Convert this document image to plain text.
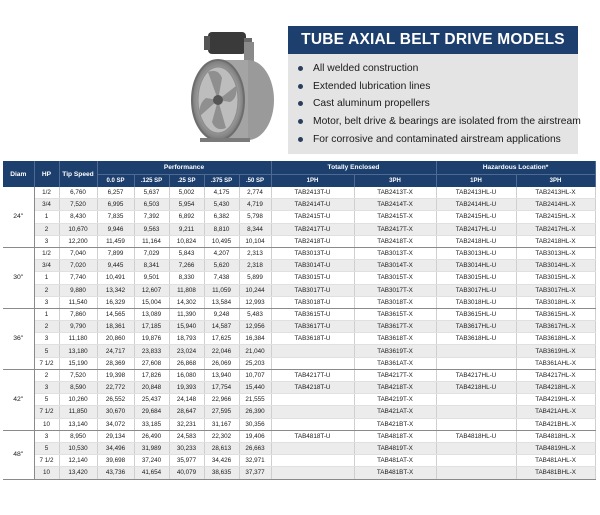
TUBE AXIAL BELT DRIVE MODELS
All welded construction
Extended lubrication lines
Cast aluminum propellers
Motor, belt drive & bearings are isolated from the airstream
For corrosive and contaminated airstream applications
Diam	HP	Tip Speed	Performance					Totally Enclosed		Hazardous Location*	
			0.0 SP	.125 SP	.25 SP	.375 SP	.50 SP	1PH	3PH	1PH	3PH
24"	1/2	6,760	6,257	5,637	5,002	4,175	2,774	TAB2413T-U	TAB2413T-X	TAB2413HL-U	TAB2413HL-X
	3/4	7,520	6,995	6,503	5,954	5,430	4,719	TAB2414T-U	TAB2414T-X	TAB2414HL-U	TAB2414HL-X
	1	8,430	7,835	7,392	6,892	6,382	5,798	TAB2415T-U	TAB2415T-X	TAB2415HL-U	TAB2415HL-X
	2	10,670	9,946	9,563	9,211	8,810	8,344	TAB2417T-U	TAB2417T-X	TAB2417HL-U	TAB2417HL-X
	3	12,200	11,459	11,164	10,824	10,495	10,104	TAB2418T-U	TAB2418T-X	TAB2418HL-U	TAB2418HL-X
30"	1/2	7,040	7,899	7,029	5,843	4,207	2,313	TAB3013T-U	TAB3013T-X	TAB3013HL-U	TAB3013HL-X
	3/4	7,020	9,445	8,341	7,266	5,620	2,318	TAB3014T-U	TAB3014T-X	TAB3014HL-U	TAB3014HL-X
	1	7,740	10,491	9,501	8,330	7,438	5,899	TAB3015T-U	TAB3015T-X	TAB3015HL-U	TAB3015HL-X
	2	9,880	13,342	12,607	11,808	11,059	10,244	TAB3017T-U	TAB3017T-X	TAB3017HL-U	TAB3017HL-X
	3	11,540	16,329	15,004	14,302	13,584	12,993	TAB3018T-U	TAB3018T-X	TAB3018HL-U	TAB3018HL-X
36"	1	7,860	14,565	13,089	11,390	9,248	5,483	TAB3615T-U	TAB3615T-X	TAB3615HL-U	TAB3615HL-X
	2	9,790	18,361	17,185	15,940	14,587	12,956	TAB3617T-U	TAB3617T-X	TAB3617HL-U	TAB3617HL-X
	3	11,180	20,860	19,876	18,793	17,625	16,384	TAB3618T-U	TAB3618T-X	TAB3618HL-U	TAB3618HL-X
	5	13,180	24,717	23,833	23,024	22,046	21,040		TAB3619T-X		TAB3619HL-X
	7 1/2	15,190	28,369	27,608	26,868	26,069	25,203		TAB361AT-X		TAB361AHL-X
42"	2	7,520	19,398	17,826	16,080	13,940	10,707	TAB4217T-U	TAB4217T-X	TAB4217HL-U	TAB4217HL-X
	3	8,590	22,772	20,848	19,393	17,754	15,440	TAB4218T-U	TAB4218T-X	TAB4218HL-U	TAB4218HL-X
	5	10,260	26,552	25,437	24,148	22,966	21,555		TAB4219T-X		TAB4219HL-X
	7 1/2	11,850	30,670	29,684	28,647	27,595	26,390		TAB421AT-X		TAB421AHL-X
	10	13,140	34,072	33,185	32,231	31,167	30,356		TAB421BT-X		TAB421BHL-X
48"	3	8,950	29,134	26,490	24,583	22,302	19,406	TAB4818T-U	TAB4818T-X	TAB4818HL-U	TAB4818HL-X
	5	10,530	34,496	31,989	30,233	28,613	26,663		TAB4819T-X		TAB4819HL-X
	7 1/2	12,140	39,698	37,240	35,977	34,426	32,971		TAB481AT-X		TAB481AHL-X
	10	13,420	43,736	41,654	40,079	38,635	37,377		TAB481BT-X		TAB481BHL-X
